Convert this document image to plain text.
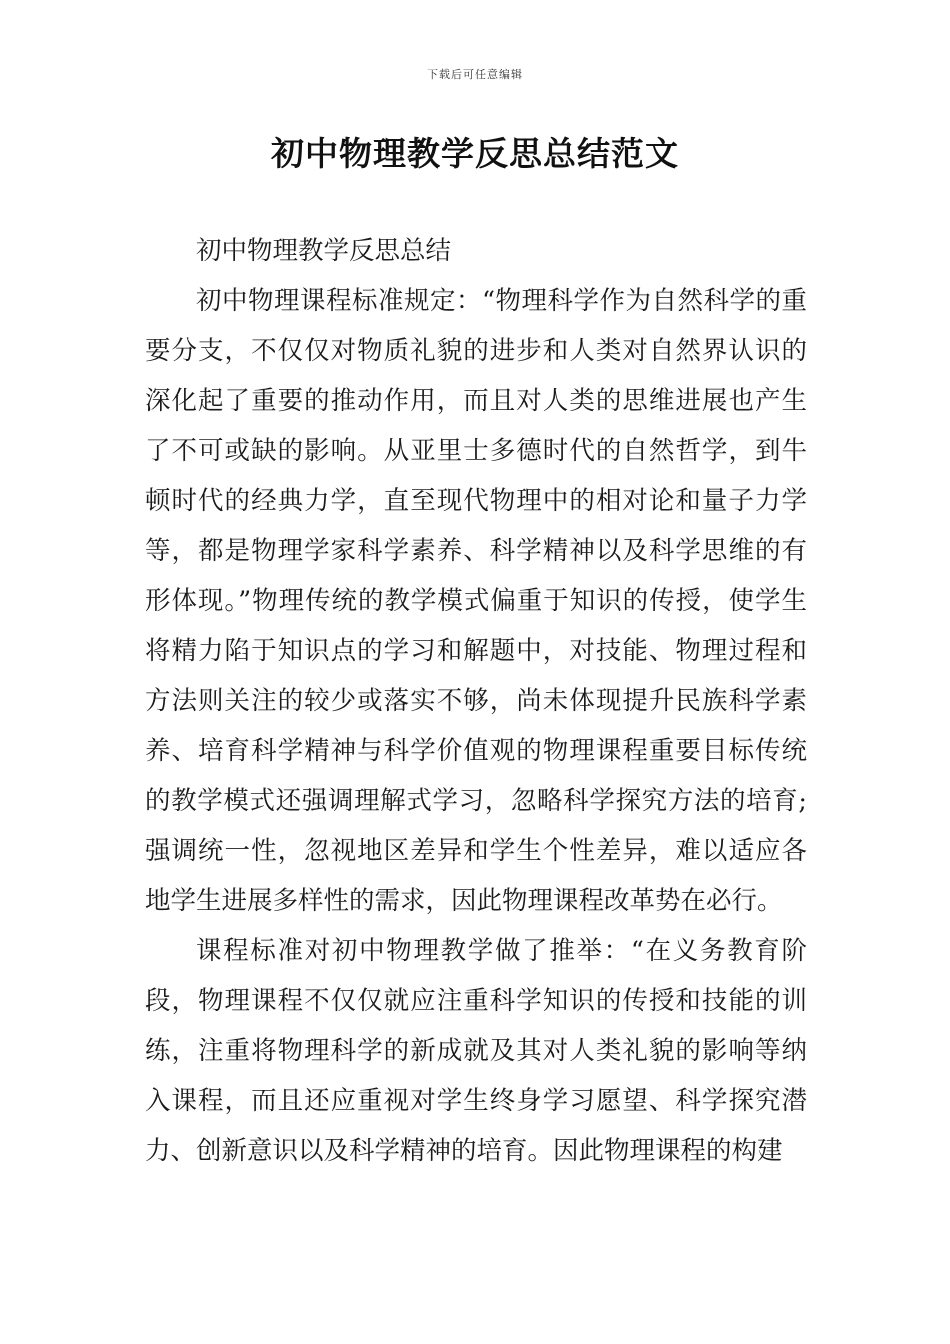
下载后可任意编辑
初中物理教学反思总结范文

初中物理教学反思总结

初中物理课程标准规定：“物理科学作为自然科学的重要分支，不仅仅对物质礼貌的进步和人类对自然界认识的深化起了重要的推动作用，而且对人类的思维进展也产生了不可或缺的影响。从亚里士多德时代的自然哲学，到牛顿时代的经典力学，直至现代物理中的相对论和量子力学等，都是物理学家科学素养、科学精神以及科学思维的有形体现。”物理传统的教学模式偏重于知识的传授，使学生将精力陷于知识点的学习和解题中，对技能、物理过程和方法则关注的较少或落实不够，尚未体现提升民族科学素养、培育科学精神与科学价值观的物理课程重要目标传统的教学模式还强调理解式学习，忽略科学探究方法的培育;强调统一性，忽视地区差异和学生个性差异，难以适应各地学生进展多样性的需求，因此物理课程改革势在必行。

课程标准对初中物理教学做了推举：“在义务教育阶段，物理课程不仅仅就应注重科学知识的传授和技能的训练，注重将物理科学的新成就及其对人类礼貌的影响等纳入课程，而且还应重视对学生终身学习愿望、科学探究潜力、创新意识以及科学精神的培育。因此物理课程的构建
